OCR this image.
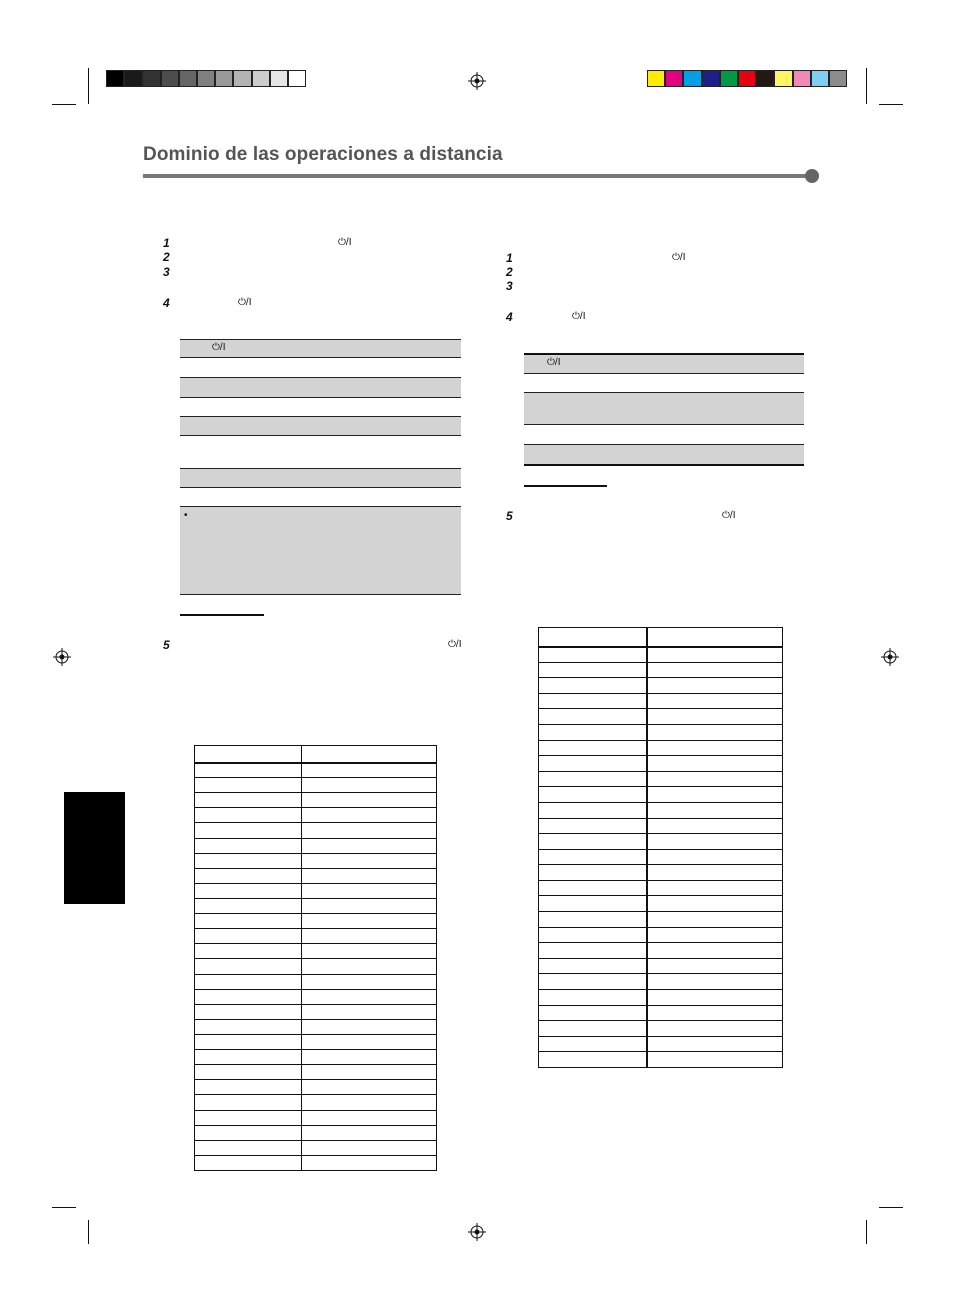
Dominio de las operaciones a distancia
1	⏻/I
2
3
4	⏻/I
⏻/I
•
5	⏻/I
1	⏻/I
2
3
4	⏻/I
⏻/I
5	⏻/I
